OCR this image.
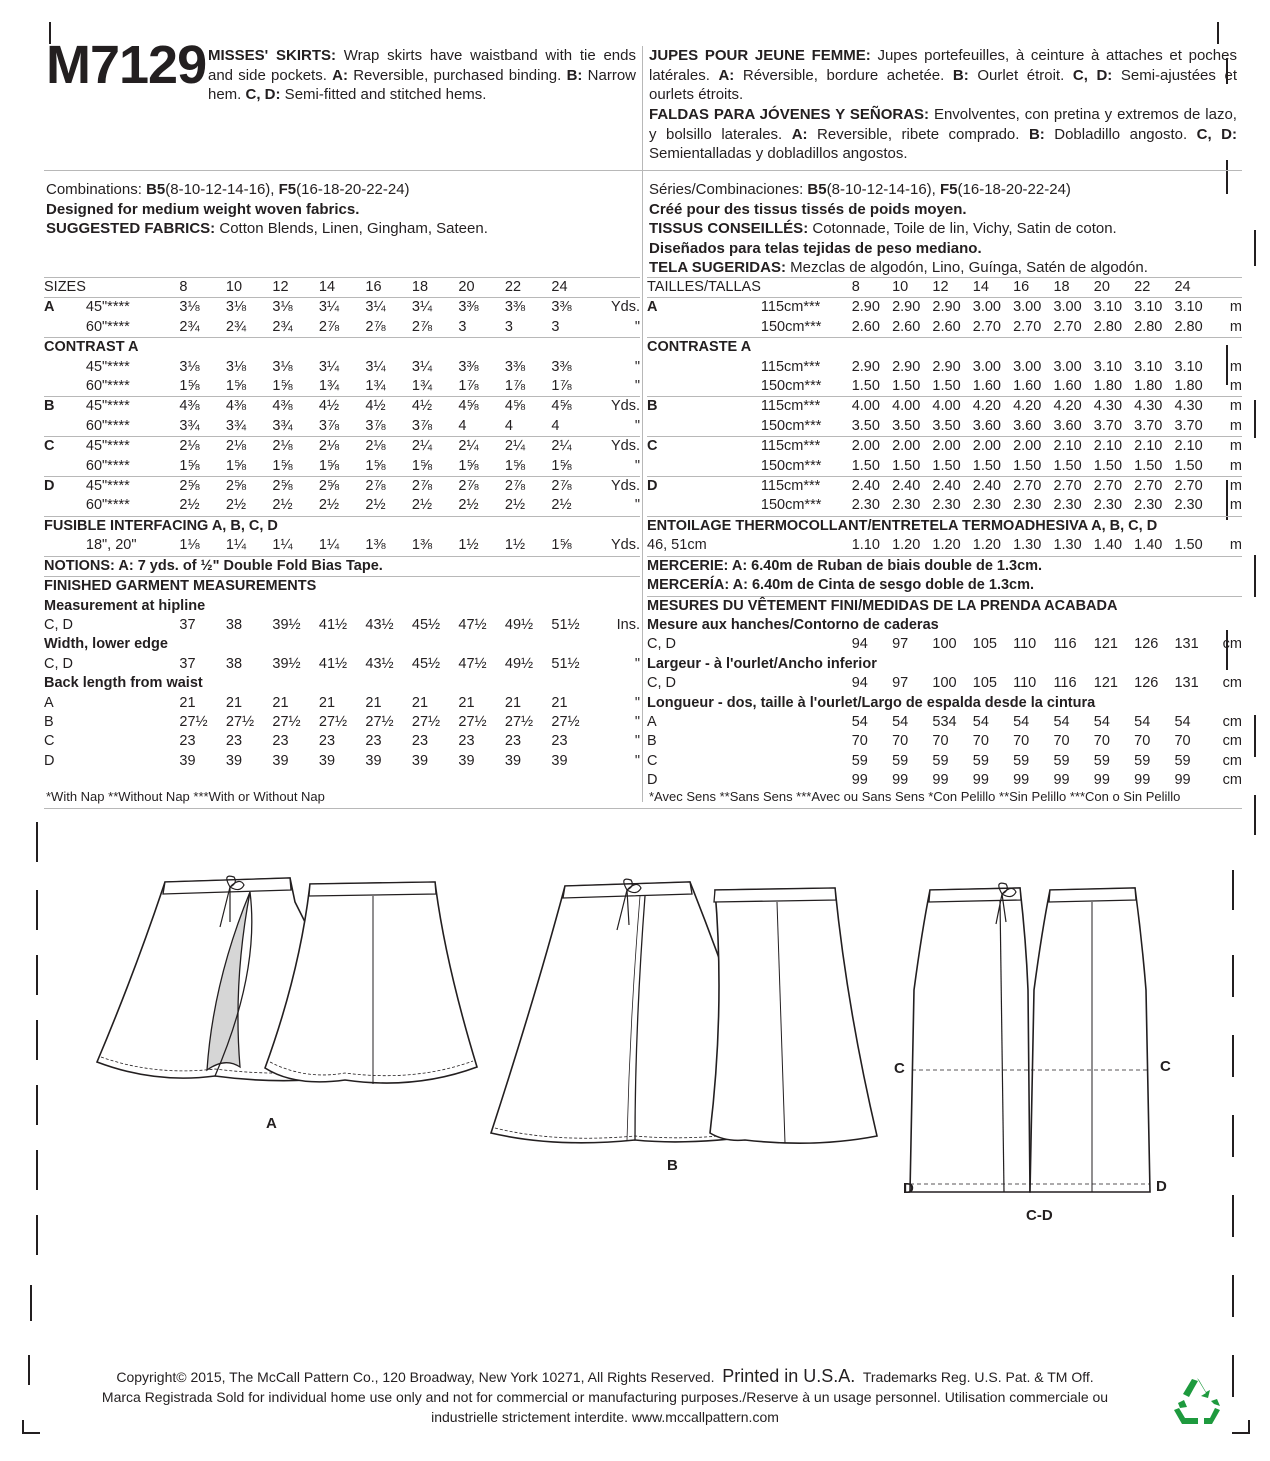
M7129 MISSES' SKIRTS: Wrap skirts have waistband with tie ends and side pockets. A: Reversible, purchased binding. B: Narrow hem. C, D: Semi-fitted and stitched hems.
JUPES POUR JEUNE FEMME: Jupes portefeuilles, à ceinture à attaches et poches latérales. A: Réversible, bordure achetée. B: Ourlet étroit. C, D: Semi-ajustées et ourlets étroits.
FALDAS PARA JÓVENES Y SEÑORAS: Envolventes, con pretina y extremos de lazo, y bolsillo laterales. A: Reversible, ribete comprado. B: Dobladillo angosto. C, D: Semientalladas y dobladillos angostos.
Combinations: B5(8-10-12-14-16), F5(16-18-20-22-24)
Designed for medium weight woven fabrics.
SUGGESTED FABRICS: Cotton Blends, Linen, Gingham, Sateen.
Séries/Combinaciones: B5(8-10-12-14-16), F5(16-18-20-22-24)
Créé pour des tissus tissés de poids moyen.
TISSUS CONSEILLÉS: Cotonnade, Toile de lin, Vichy, Satin de coton.
Diseñados para telas tejidas de peso mediano.
TELA SUGERIDAS: Mezclas de algodón, Lino, Guínga, Satén de algodón.
SIZES		8	10	12	14	16	18	20	22	24	
A	45"****	3⅛	3⅛	3⅛	3¼	3¼	3¼	3⅜	3⅜	3⅜	Yds.
	60"****	2¾	2¾	2¾	2⅞	2⅞	2⅞	3	3	3	"
CONTRAST A											
	45"****	3⅛	3⅛	3⅛	3¼	3¼	3¼	3⅜	3⅜	3⅜	"
	60"****	1⅝	1⅝	1⅝	1¾	1¾	1¾	1⅞	1⅞	1⅞	"
B	45"****	4⅜	4⅜	4⅜	4½	4½	4½	4⅝	4⅝	4⅝	Yds.
	60"****	3¾	3¾	3¾	3⅞	3⅞	3⅞	4	4	4	"
C	45"****	2⅛	2⅛	2⅛	2⅛	2⅛	2¼	2¼	2¼	2¼	Yds.
	60"****	1⅝	1⅝	1⅝	1⅝	1⅝	1⅝	1⅝	1⅝	1⅝	"
D	45"****	2⅝	2⅝	2⅝	2⅝	2⅞	2⅞	2⅞	2⅞	2⅞	Yds.
	60"****	2½	2½	2½	2½	2½	2½	2½	2½	2½	"
FUSIBLE INTERFACING A, B, C, D											
	18", 20"	1⅛	1¼	1¼	1¼	1⅜	1⅜	1½	1½	1⅝	Yds.
NOTIONS: A: 7 yds. of ½" Double Fold Bias Tape.											
FINISHED GARMENT MEASUREMENTS											
Measurement at hipline											
C, D		37	38	39½	41½	43½	45½	47½	49½	51½	Ins.
Width, lower edge											
C, D		37	38	39½	41½	43½	45½	47½	49½	51½	"
Back length from waist											
A		21	21	21	21	21	21	21	21	21	"
B		27½	27½	27½	27½	27½	27½	27½	27½	27½	"
C		23	23	23	23	23	23	23	23	23	"
D		39	39	39	39	39	39	39	39	39	"
TAILLES/TALLAS		8	10	12	14	16	18	20	22	24	
A	115cm***	2.90	2.90	2.90	3.00	3.00	3.00	3.10	3.10	3.10	m
	150cm***	2.60	2.60	2.60	2.70	2.70	2.70	2.80	2.80	2.80	m
CONTRASTE A											
	115cm***	2.90	2.90	2.90	3.00	3.00	3.00	3.10	3.10	3.10	m
	150cm***	1.50	1.50	1.50	1.60	1.60	1.60	1.80	1.80	1.80	m
B	115cm***	4.00	4.00	4.00	4.20	4.20	4.20	4.30	4.30	4.30	m
	150cm***	3.50	3.50	3.50	3.60	3.60	3.60	3.70	3.70	3.70	m
C	115cm***	2.00	2.00	2.00	2.00	2.00	2.10	2.10	2.10	2.10	m
	150cm***	1.50	1.50	1.50	1.50	1.50	1.50	1.50	1.50	1.50	m
D	115cm***	2.40	2.40	2.40	2.40	2.70	2.70	2.70	2.70	2.70	m
	150cm***	2.30	2.30	2.30	2.30	2.30	2.30	2.30	2.30	2.30	m
ENTOILAGE THERMOCOLLANT/ENTRETELA TERMOADHESIVA A, B, C, D											
46, 51cm		1.10	1.20	1.20	1.20	1.30	1.30	1.40	1.40	1.50	m
MERCERIE: A: 6.40m de Ruban de biais double de 1.3cm.											
MERCERÍA: A: 6.40m de Cinta de sesgo doble de 1.3cm.											
MESURES DU VÊTEMENT FINI/MEDIDAS DE LA PRENDA ACABADA											
Mesure aux hanches/Contorno de caderas											
C, D		94	97	100	105	110	116	121	126	131	cm
Largeur - à l'ourlet/Ancho inferior											
C, D		94	97	100	105	110	116	121	126	131	cm
Longueur - dos, taille à l'ourlet/Largo de espalda desde la cintura											
A		54	54	534	54	54	54	54	54	54	cm
B		70	70	70	70	70	70	70	70	70	cm
C		59	59	59	59	59	59	59	59	59	cm
D		99	99	99	99	99	99	99	99	99	cm
*With Nap **Without Nap ***With or Without Nap	*Avec Sens **Sans Sens ***Avec ou Sans Sens *Con Pelillo **Sin Pelillo ***Con o Sin Pelillo
A
B
C	C
D	D
C-D
Copyright© 2015, The McCall Pattern Co., 120 Broadway, New York 10271, All Rights Reserved. Printed in U.S.A. Trademarks Reg. U.S. Pat. & TM Off.
Marca Registrada Sold for individual home use only and not for commercial or manufacturing purposes./Reserve à un usage personnel. Utilisation commerciale ou
industrielle strictement interdite. www.mccallpattern.com
